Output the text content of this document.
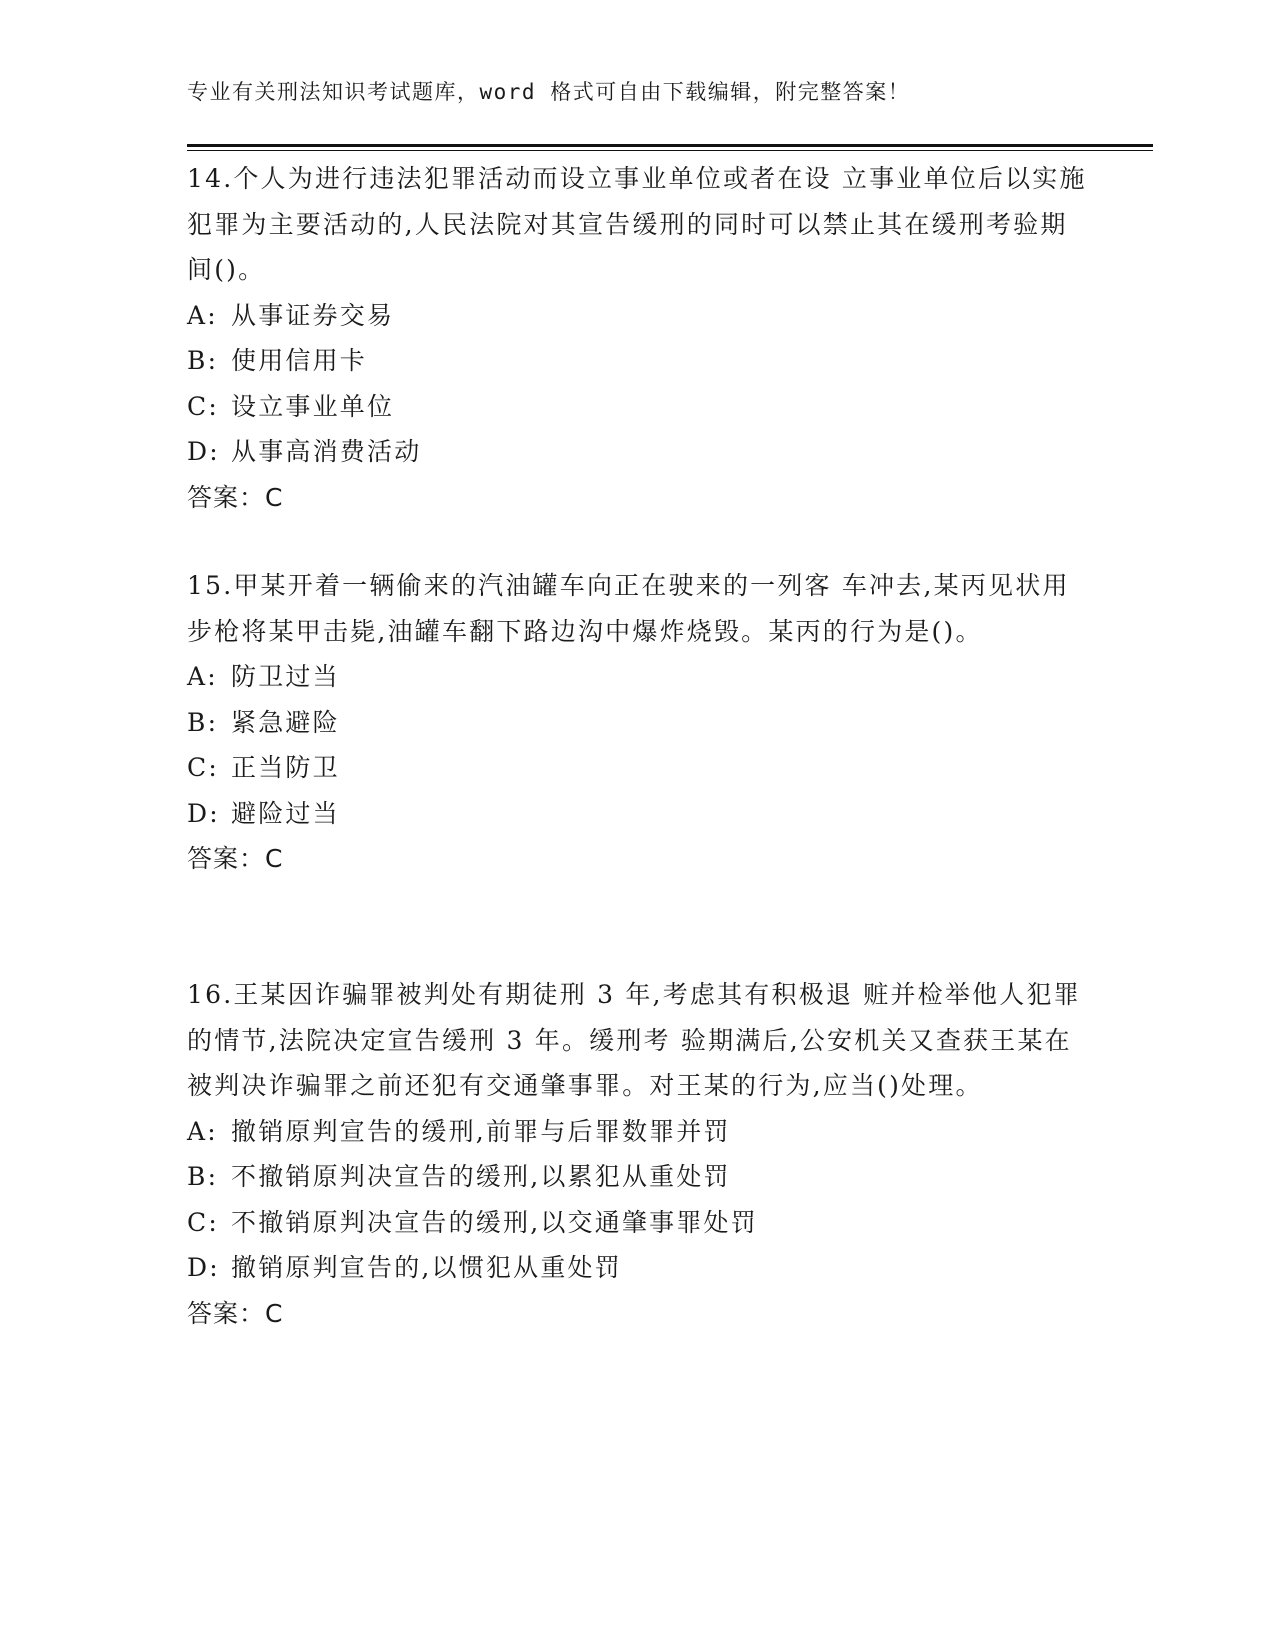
专业有关刑法知识考试题库，word 格式可自由下载编辑，附完整答案！

14.个人为进行违法犯罪活动而设立事业单位或者在设 立事业单位后以实施犯罪为主要活动的,人民法院对其宣告缓刑的同时可以禁止其在缓刑考验期间()。

A: 从事证券交易

B: 使用信用卡

C: 设立事业单位

D: 从事高消费活动

答案：C

15.甲某开着一辆偷来的汽油罐车向正在驶来的一列客 车冲去,某丙见状用步枪将某甲击毙,油罐车翻下路边沟中爆炸烧毁。某丙的行为是()。

A: 防卫过当

B: 紧急避险

C: 正当防卫

D: 避险过当

答案：C

16.王某因诈骗罪被判处有期徒刑 3 年,考虑其有积极退 赃并检举他人犯罪的情节,法院决定宣告缓刑 3 年。缓刑考 验期满后,公安机关又查获王某在被判决诈骗罪之前还犯有交通肇事罪。对王某的行为,应当()处理。

A: 撤销原判宣告的缓刑,前罪与后罪数罪并罚

B: 不撤销原判决宣告的缓刑,以累犯从重处罚

C: 不撤销原判决宣告的缓刑,以交通肇事罪处罚

D: 撤销原判宣告的,以惯犯从重处罚

答案：C
